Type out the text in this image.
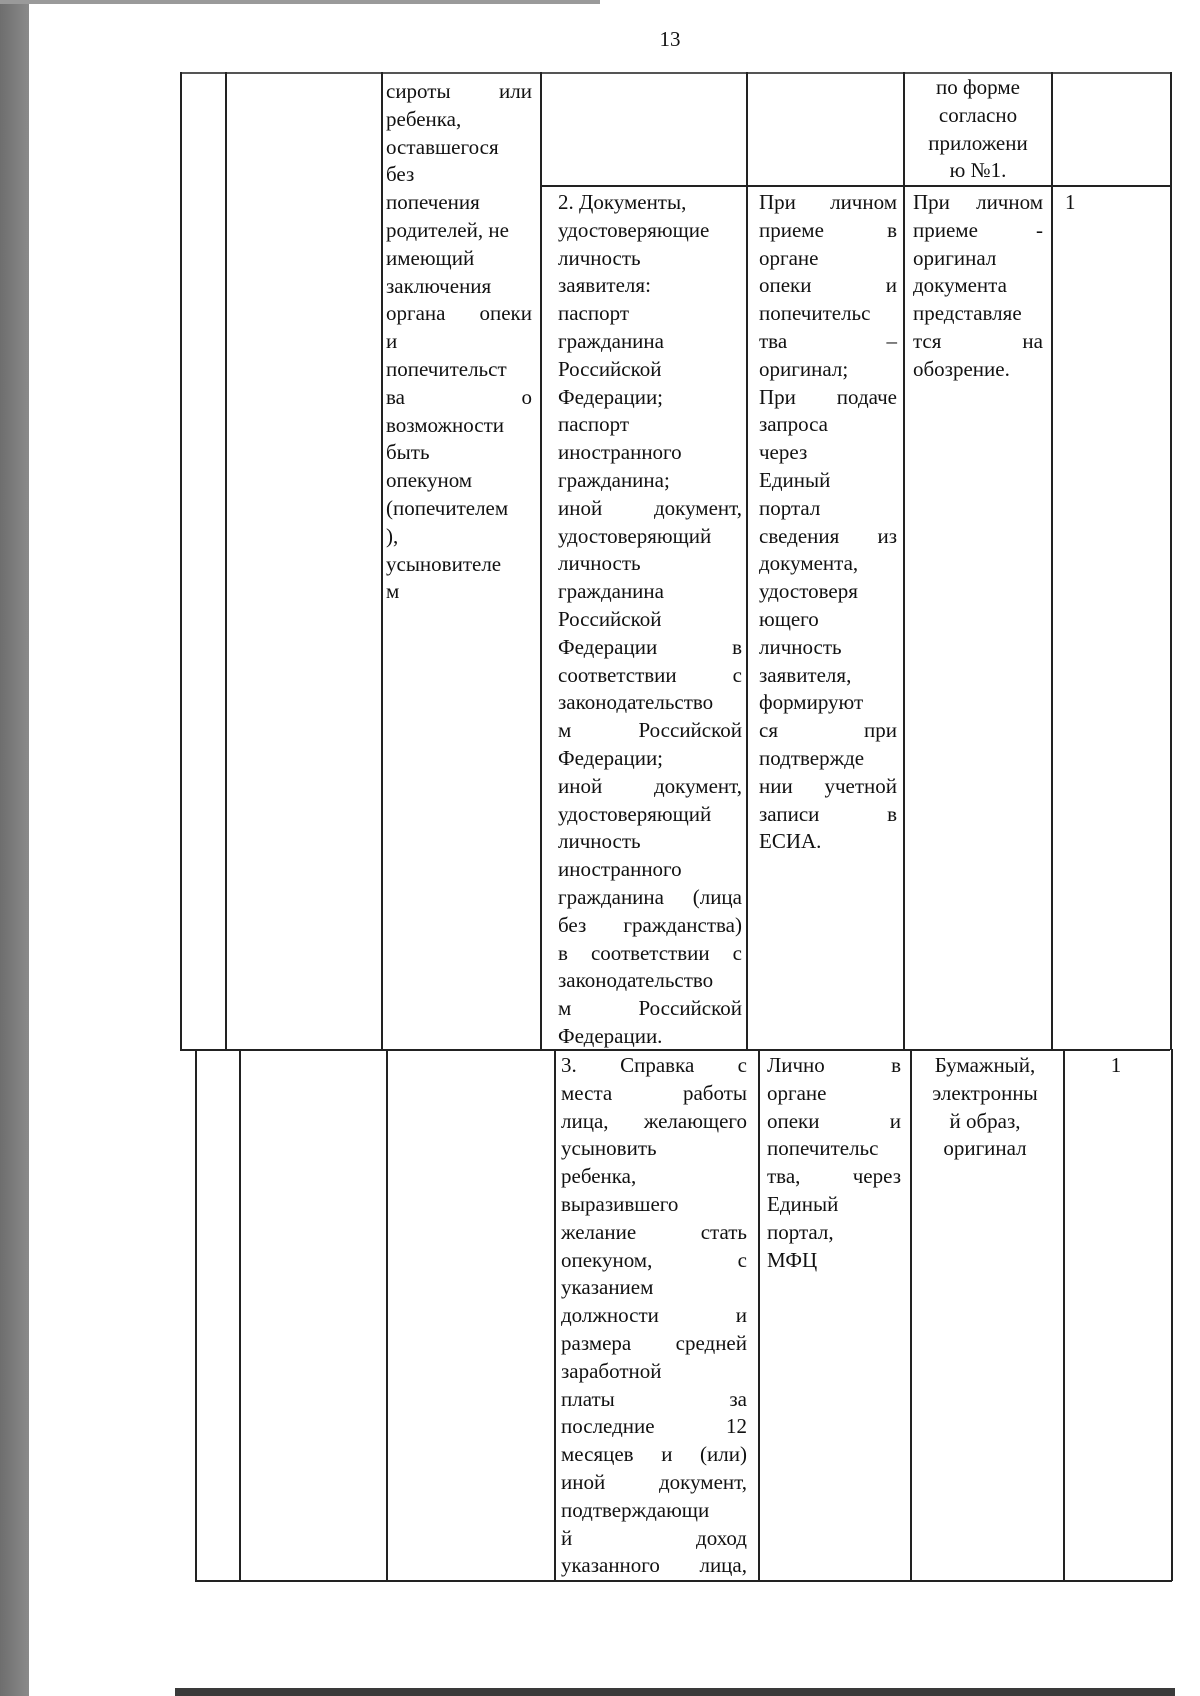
13
сироты или
ребенка,
оставшегося
без
попечения
родителей, не
имеющий
заключения
органа опеки
и
попечительст
ва о
возможности
быть
опекуном
(попечителем
),
усыновителе
м
по форме
согласно
приложени
ю №1.
2. Документы,
удостоверяющие
личность
заявителя:
паспорт
гражданина
Российской
Федерации;
паспорт
иностранного
гражданина;
иной документ,
удостоверяющий
личность
гражданина
Российской
Федерации в
соответствии с
законодательство
м Российской
Федерации;
иной документ,
удостоверяющий
личность
иностранного
гражданина (лица
без гражданства)
в соответствии с
законодательство
м Российской
Федерации.
При личном
приеме в
органе
опеки и
попечительс
тва –
оригинал;
При подаче
запроса
через
Единый
портал
сведения из
документа,
удостоверя
ющего
личность
заявителя,
формируют
ся при
подтвержде
нии учетной
записи в
ЕСИА.
При личном
приеме -
оригинал
документа
представляе
тся на
обозрение.
1
3. Справка с
места работы
лица, желающего
усыновить
ребенка,
выразившего
желание стать
опекуном, с
указанием
должности и
размера средней
заработной
платы за
последние 12
месяцев и (или)
иной документ,
подтверждающи
й доход
указанного лица,
Лично в
органе
опеки и
попечительс
тва, через
Единый
портал,
МФЦ
Бумажный,
электронны
й образ,
оригинал
1
